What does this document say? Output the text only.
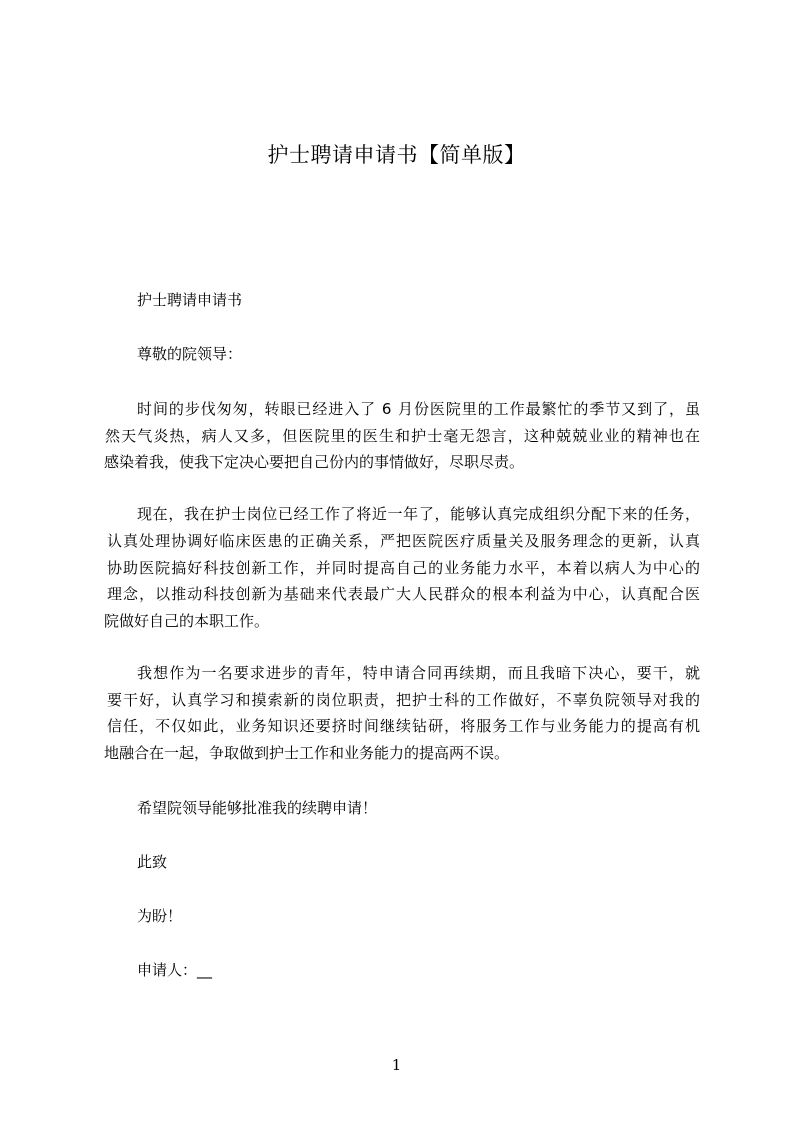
护士聘请申请书【简单版】
护士聘请申请书
尊敬的院领导：
时间的步伐匆匆，转眼已经进入了 6 月份医院里的工作最繁忙的季节又到了，虽
然天气炎热，病人又多，但医院里的医生和护士毫无怨言，这种兢兢业业的精神也在
感染着我，使我下定决心要把自己份内的事情做好，尽职尽责。
现在，我在护士岗位已经工作了将近一年了，能够认真完成组织分配下来的任务，
认真处理协调好临床医患的正确关系，严把医院医疗质量关及服务理念的更新，认真
协助医院搞好科技创新工作，并同时提高自己的业务能力水平，本着以病人为中心的
理念，以推动科技创新为基础来代表最广大人民群众的根本利益为中心，认真配合医
院做好自己的本职工作。
我想作为一名要求进步的青年，特申请合同再续期，而且我暗下决心，要干，就
要干好，认真学习和摸索新的岗位职责，把护士科的工作做好，不辜负院领导对我的
信任，不仅如此，业务知识还要挤时间继续钻研，将服务工作与业务能力的提高有机
地融合在一起，争取做到护士工作和业务能力的提高两不误。
希望院领导能够批准我的续聘申请！
此致
为盼！
申请人：__
1
